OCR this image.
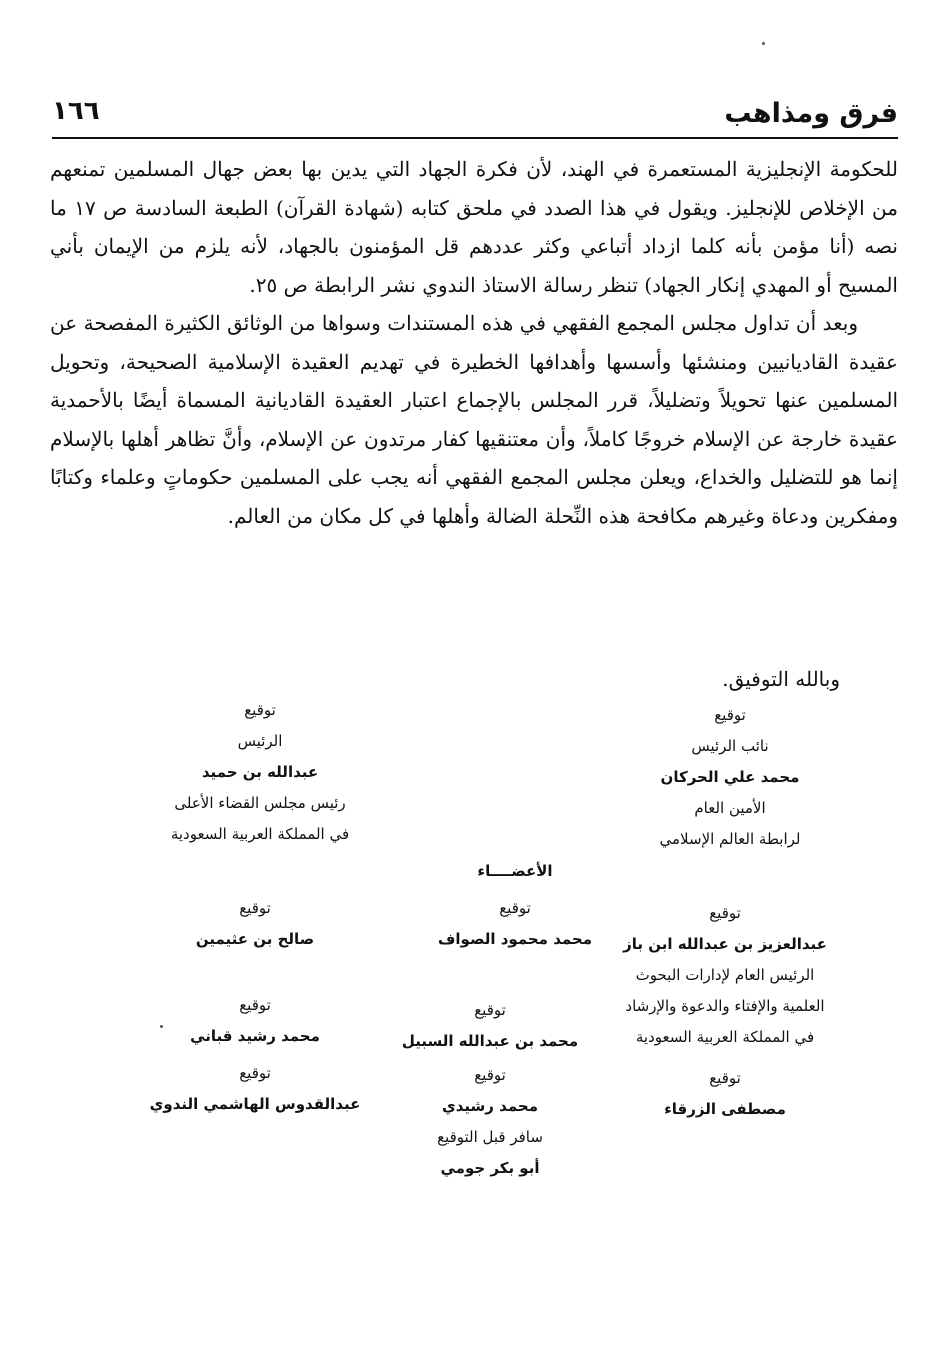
فرق ومذاهب
١٦٦

للحكومة الإنجليزية المستعمرة في الهند، لأن فكرة الجهاد التي يدين بها بعض جهال المسلمين تمنعهم من الإخلاص للإنجليز. ويقول في هذا الصدد في ملحق كتابه (شهادة القرآن) الطبعة السادسة ص ١٧ ما نصه (أنا مؤمن بأنه كلما ازداد أتباعي وكثر عددهم قل المؤمنون بالجهاد، لأنه يلزم من الإيمان بأني المسيح أو المهدي إنكار الجهاد) تنظر رسالة الاستاذ الندوي نشر الرابطة ص ٢٥.

وبعد أن تداول مجلس المجمع الفقهي في هذه المستندات وسواها من الوثائق الكثيرة المفصحة عن عقيدة القاديانيين ومنشئها وأسسها وأهدافها الخطيرة في تهديم العقيدة الإسلامية الصحيحة، وتحويل المسلمين عنها تحويلاً وتضليلاً، قرر المجلس بالإجماع اعتبار العقيدة القاديانية المسماة أيضًا بالأحمدية عقيدة خارجة عن الإسلام خروجًا كاملاً، وأن معتنقيها كفار مرتدون عن الإسلام، وأنَّ تظاهر أهلها بالإسلام إنما هو للتضليل والخداع، ويعلن مجلس المجمع الفقهي أنه يجب على المسلمين حكوماتٍ وعلماء وكتابًا ومفكرين ودعاة وغيرهم مكافحة هذه النِّحلة الضالة وأهلها في كل مكان من العالم.

وبالله التوفيق.
توقيع
نائب الرئيس
محمد علي الحركان
الأمين العام
لرابطة العالم الإسلامي
توقيع
الرئيس
عبدالله بن حميد
رئيس مجلس القضاء الأعلى
في المملكة العربية السعودية
الأعضــــاء
توقيع
عبدالعزيز بن عبدالله ابن باز
الرئيس العام لإدارات البحوث
العلمية والإفتاء والدعوة والإرشاد
في المملكة العربية السعودية
توقيع
محمد محمود الصواف
توقيع
صالح بن عثيمين
توقيع
محمد رشيد قباني
توقيع
محمد بن عبدالله السبيل
توقيع
مصطفى الزرقاء
توقيع
عبدالقدوس الهاشمي الندوي
توقيع
محمد رشيدي
سافر قبل التوقيع
أبو بكر جومي
